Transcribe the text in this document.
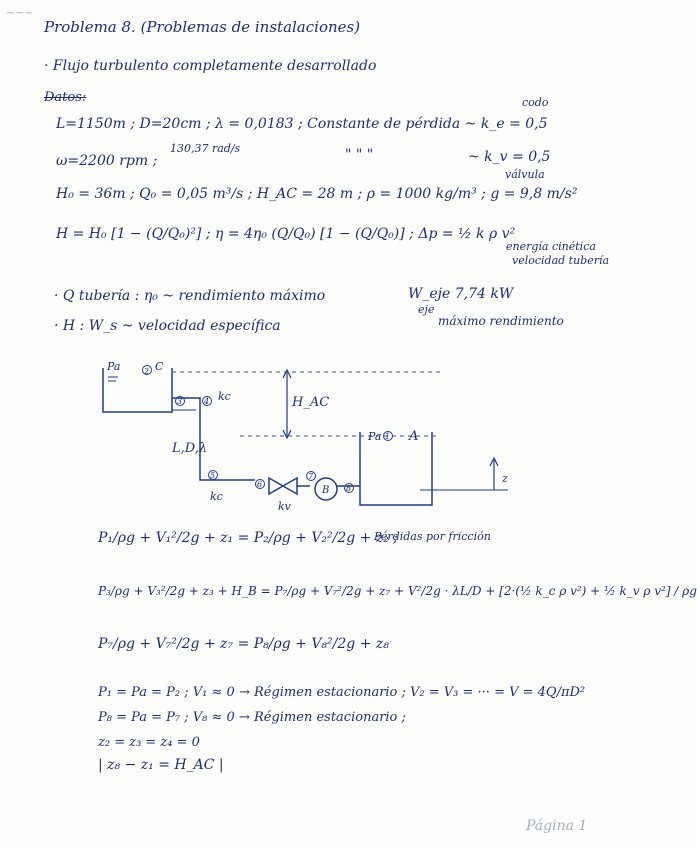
~~~
Problema 8. (Problemas de instalaciones)
· Flujo turbulento completamente desarrollado
Datos:	codo
L=1150m ; D=20cm ; λ = 0,0183 ; Constante de pérdida ~ k_e = 0,5
130,37 rad/s
ω=2200 rpm ;	" " "	~ k_v = 0,5
válvula
H₀ = 36m ; Q₀ = 0,05 m³/s ; H_AC = 28 m ; ρ = 1000 kg/m³ ; g = 9,8 m/s²
H = H₀ [1 − (Q/Q₀)²] ; η = 4η₀ (Q/Q₀) [1 − (Q/Q₀)] ; Δp = ½ k ρ v²
energía cinética
velocidad tubería
· Q tubería : η₀ ~ rendimiento máximo	W_eje 7,74 kW
eje
máximo rendimiento
· H : W_s ~ velocidad específica
Pa	C
2
3	4
5
6
7
8
1
kc
kc
kv
H_AC
L,D,λ
Pa A
B
z
P₁/ρg + V₁²/2g + z₁ = P₂/ρg + V₂²/2g + z₂ ;
Pérdidas por fricción
P₃/ρg + V₃²/2g + z₃ + H_B = P₇/ρg + V₇²/2g + z₇ + V²/2g · λL/D + [2·(½ k_c ρ v²) + ½ k_v ρ v²] / ρg
P₇/ρg + V₇²/2g + z₇ = P₈/ρg + V₈²/2g + z₈
P₁ = Pa = P₂ ; V₁ ≈ 0 → Régimen estacionario ; V₂ = V₃ = ··· = V = 4Q/πD²
P₈ = Pa = P₇ ; V₈ ≈ 0 → Régimen estacionario ;
z₂ = z₃ = z₄ = 0
| z₈ − z₁ = H_AC |
Página 1
